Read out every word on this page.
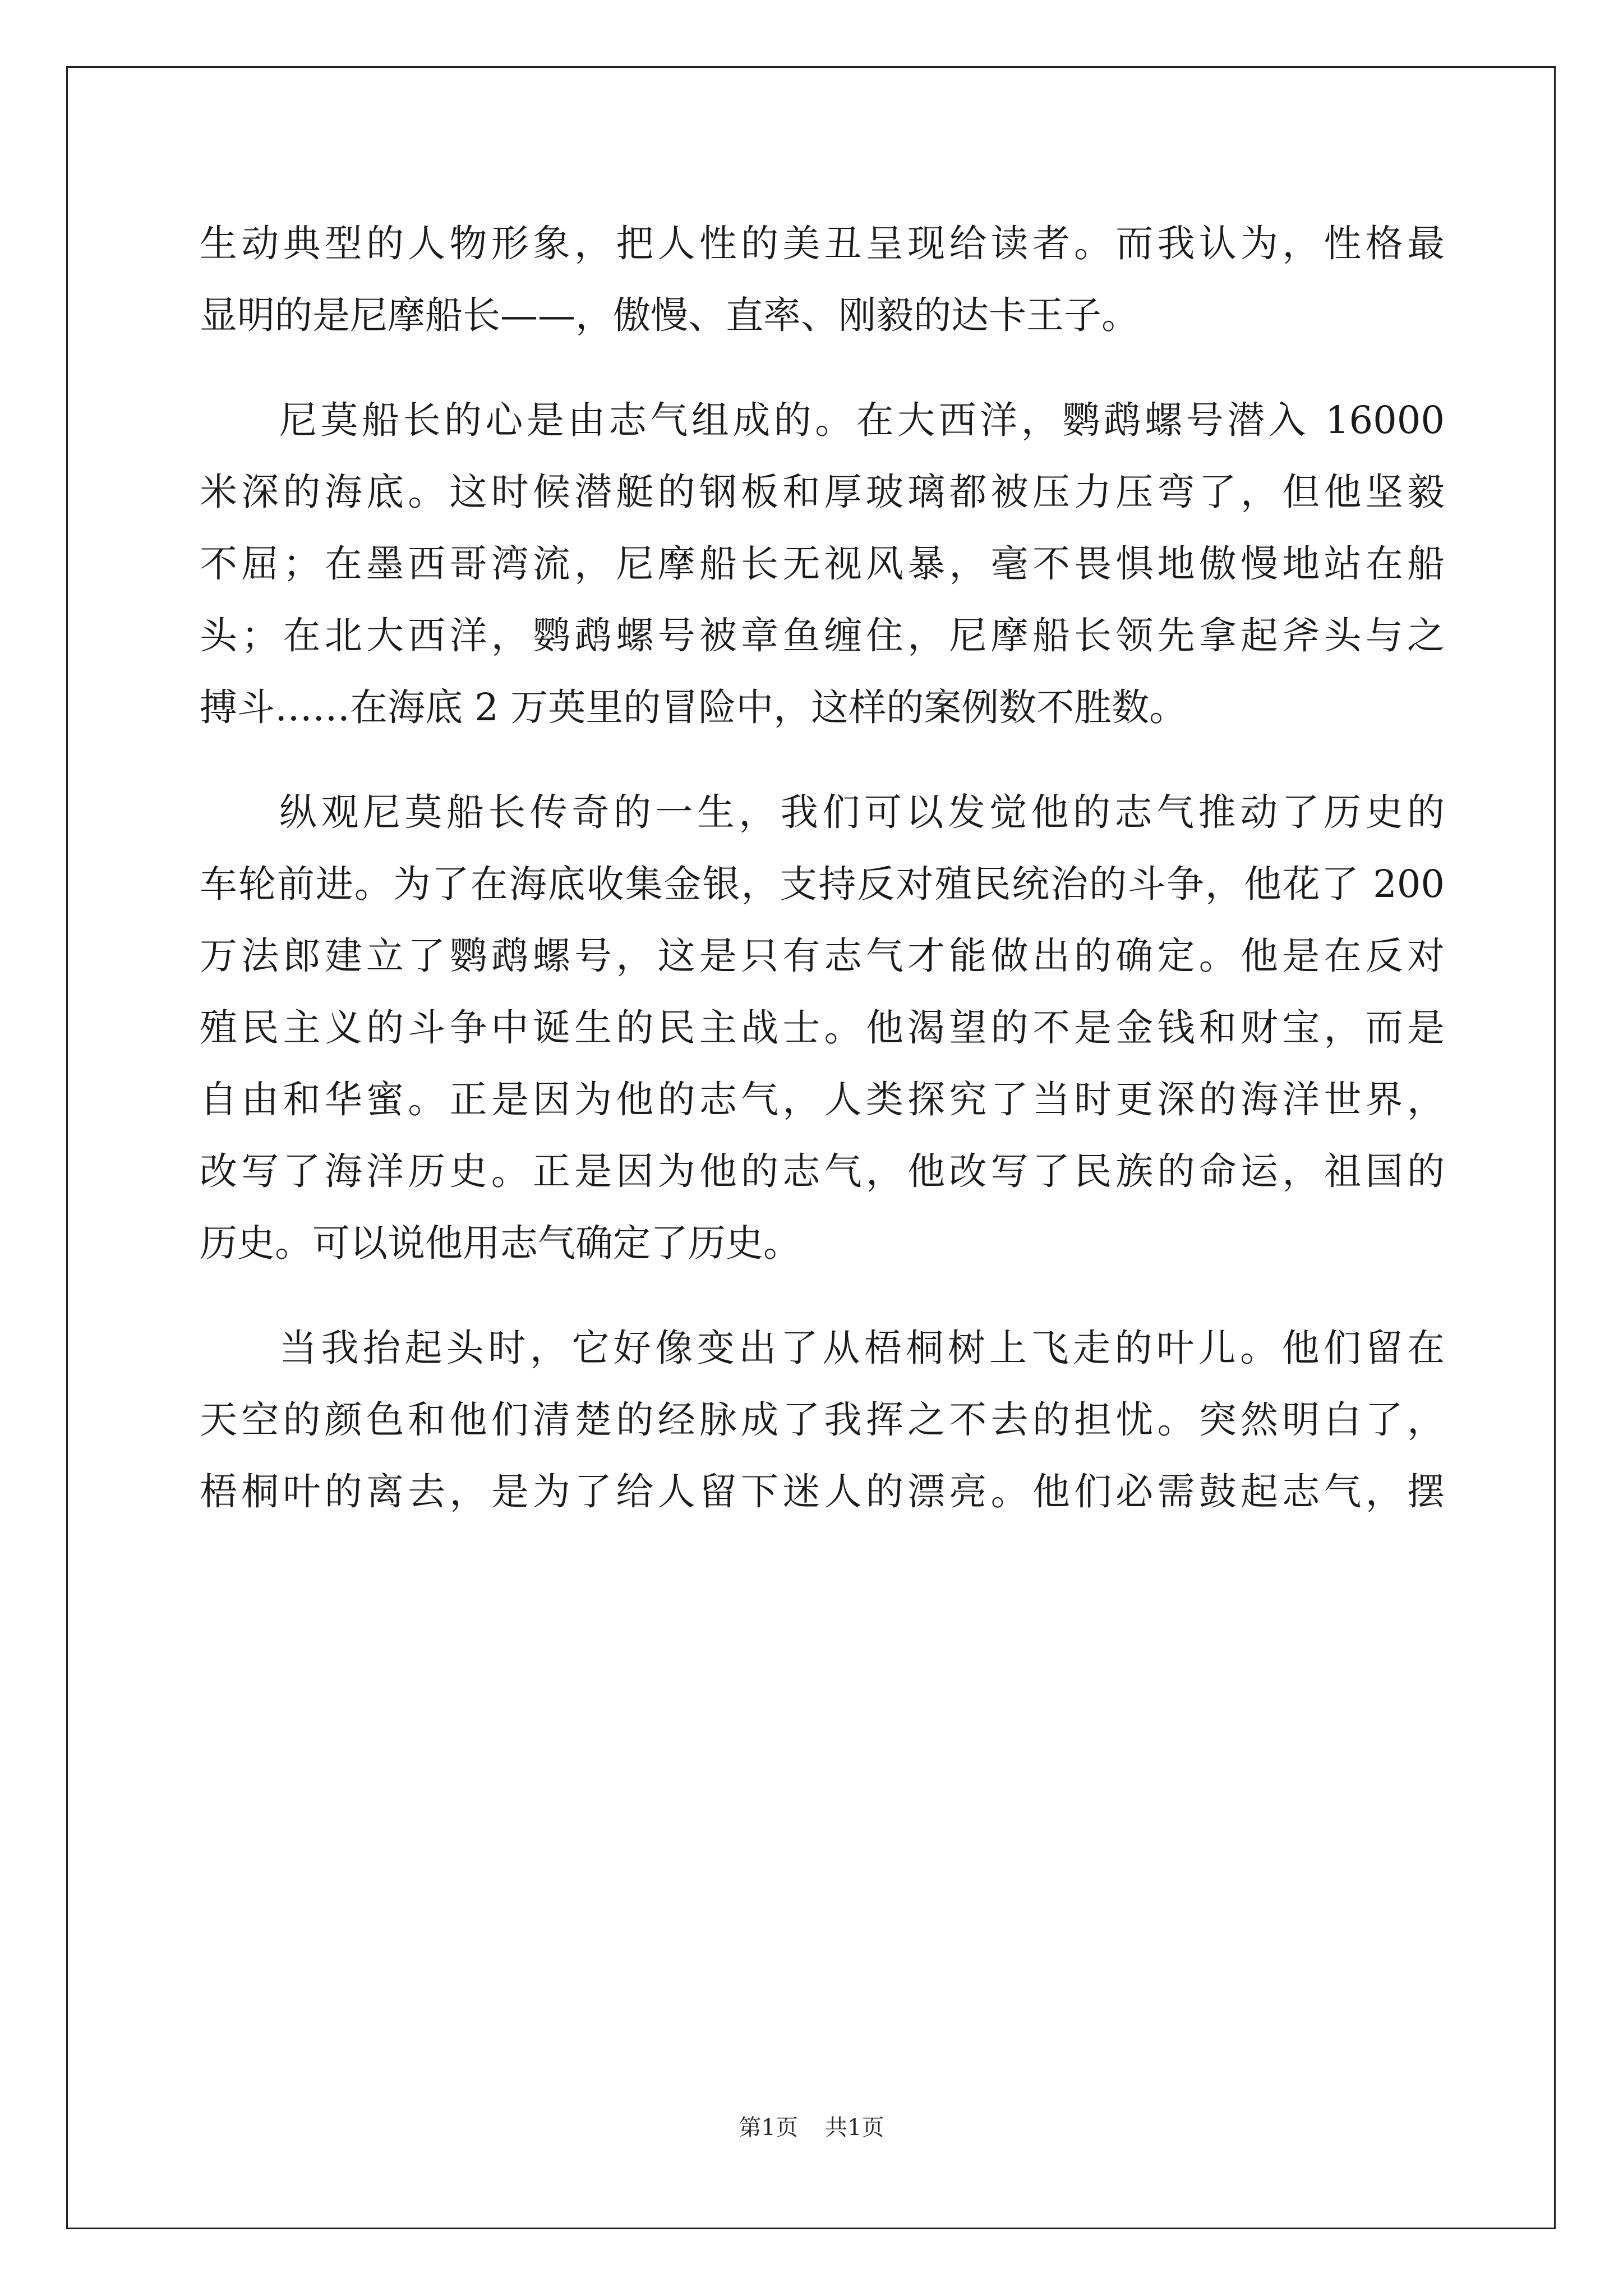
生动典型的人物形象，把人性的美丑呈现给读者。而我认为，性格最
显明的是尼摩船长——，傲慢、直率、刚毅的达卡王子。
尼莫船长的心是由志气组成的。在大西洋，鹦鹉螺号潜入 16000
米深的海底。这时候潜艇的钢板和厚玻璃都被压力压弯了，但他坚毅
不屈；在墨西哥湾流，尼摩船长无视风暴，毫不畏惧地傲慢地站在船
头；在北大西洋，鹦鹉螺号被章鱼缠住，尼摩船长领先拿起斧头与之
搏斗……在海底 2 万英里的冒险中，这样的案例数不胜数。
纵观尼莫船长传奇的一生，我们可以发觉他的志气推动了历史的
车轮前进。为了在海底收集金银，支持反对殖民统治的斗争，他花了 200
万法郎建立了鹦鹉螺号，这是只有志气才能做出的确定。他是在反对
殖民主义的斗争中诞生的民主战士。他渴望的不是金钱和财宝，而是
自由和华蜜。正是因为他的志气，人类探究了当时更深的海洋世界，
改写了海洋历史。正是因为他的志气，他改写了民族的命运，祖国的
历史。可以说他用志气确定了历史。
当我抬起头时，它好像变出了从梧桐树上飞走的叶儿。他们留在
天空的颜色和他们清楚的经脉成了我挥之不去的担忧。突然明白了，
梧桐叶的离去，是为了给人留下迷人的漂亮。他们必需鼓起志气，摆
第1页 共1页
